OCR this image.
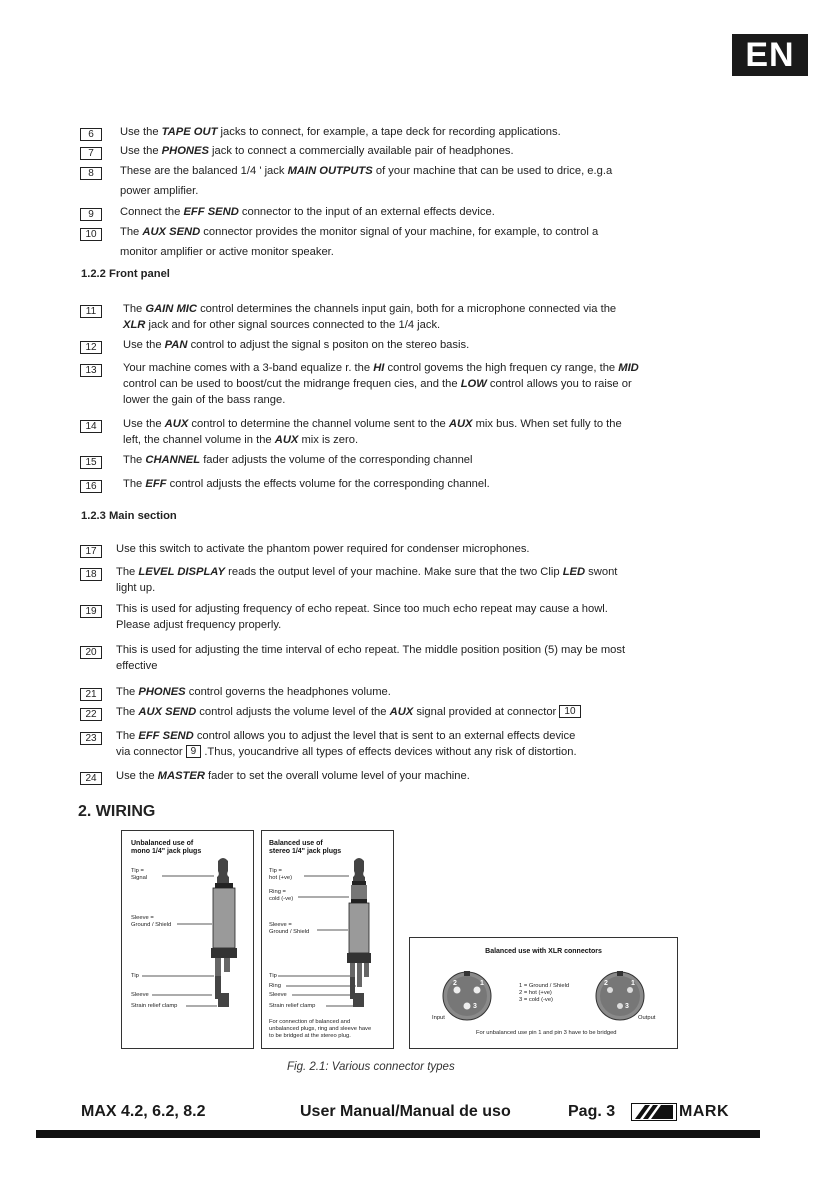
EN
6	Use the TAPE OUT jacks to connect, for example, a tape deck for recording applications.
7	Use the PHONES jack to connect a commercially available pair of headphones.
8	These are the balanced 1/4 ' jack MAIN OUTPUTS of your machine that can be used to drice, e.g.a
power amplifier.
9	Connect the EFF SEND connector to the input of an external effects device.
10	The AUX SEND connector provides the monitor signal of your machine, for example, to control a
monitor amplifier or active monitor speaker.
1.2.2 Front panel
11	The GAIN MIC control determines the channels input gain, both for a microphone connected via the
XLR jack and for other signal sources connected to the 1/4 jack.
12	Use the PAN control to adjust the signal s positon on the stereo basis.
13	Your machine comes with a 3-band equalize r. the HI control govems the high frequen cy range, the MID
control can be used to boost/cut the midrange frequen cies, and the LOW control allows you to raise or
lower the gain of the bass range.
14	Use the AUX control to determine the channel volume sent to the AUX mix bus. When set fully to the
left, the channel volume in the AUX mix is zero.
15	The CHANNEL fader adjusts the volume of the corresponding channel
16	The EFF control adjusts the effects volume for the corresponding channel.
1.2.3 Main section
17	Use this switch to activate the phantom power required for condenser microphones.
18	The LEVEL DISPLAY reads the output level of your machine. Make sure that the two Clip LED swont
light up.
19	This is used for adjusting frequency of echo repeat. Since too much echo repeat may cause a howl.
Please adjust frequency properly.
20	This is used for adjusting the time interval of echo repeat. The middle position position (5) may be most
effective
21	The PHONES control governs the headphones volume.
22	The AUX SEND control adjusts the volume level of the AUX signal provided at connector 10
23	The EFF SEND control allows you to adjust the level that is sent to an external effects device
via connector 9 .Thus, youcandrive all types of effects devices without any risk of distortion.
24	Use the MASTER fader to set the overall volume level of your machine.
2. WIRING
Unbalanced use of
mono 1/4" jack plugs
Tip =
Signal
Sleeve =
Ground / Shield
Tip
Sleeve
Strain relief clamp
Balanced use of
stereo 1/4" jack plugs
Tip =
hot (+ve)
Ring =
cold (-ve)
Sleeve =
Ground / Shield
Tip
Ring
Sleeve
Strain relief clamp
For connection of balanced and
unbalanced plugs, ring and sleeve have
to be bridged at the stereo plug.
Balanced use with XLR connectors
1 = Ground / Shield
2 = hot (+ve)
3 = cold (-ve)
Input	Output
For unbalanced use pin 1 and pin 3 have to be bridged
2	1
3
2	1
3
Fig. 2.1: Various connector types
MAX 4.2, 6.2, 8.2	User Manual/Manual de uso	Pag. 3	MARK
